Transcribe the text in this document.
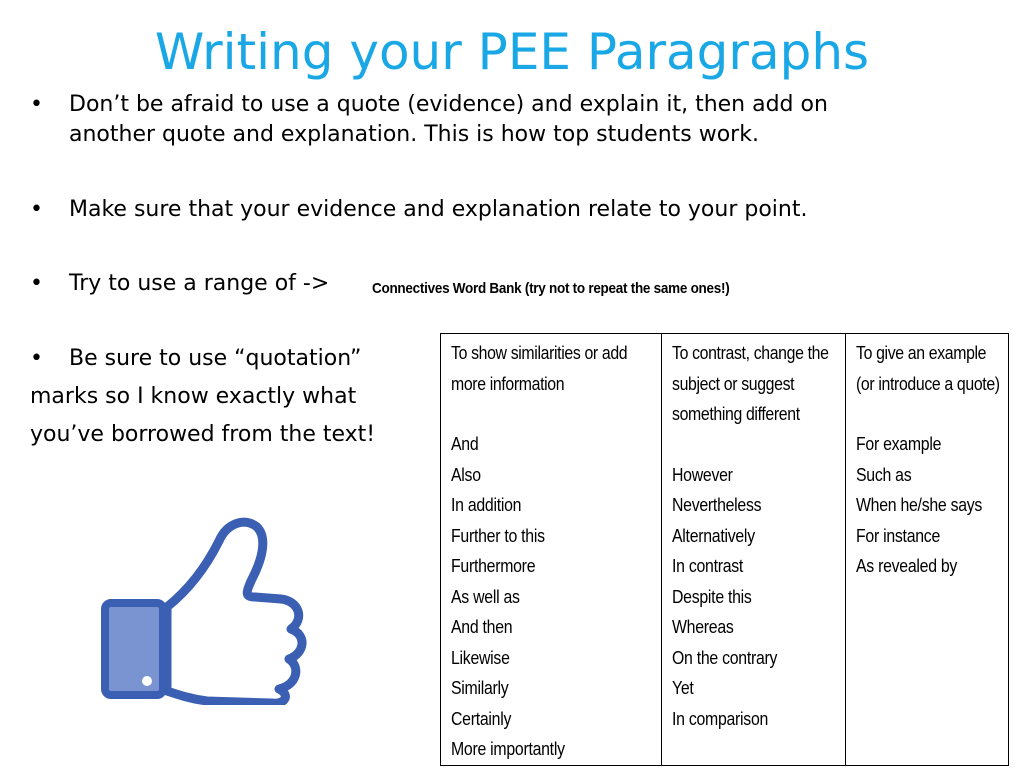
Writing your PEE Paragraphs
• Don’t be afraid to use a quote (evidence) and explain it, then add on
another quote and explanation. This is how top students work.
• Make sure that your evidence and explanation relate to your point.
• Try to use a range of ->	Connectives Word Bank (try not to repeat the same ones!)
• Be sure to use “quotation”
marks so I know exactly what
you’ve borrowed from the text!
To show similarities or add more information
And
Also
In addition
Further to this
Furthermore
As well as
And then
Likewise
Similarly
Certainly
More importantly

To contrast, change the subject or suggest something different
However
Nevertheless
Alternatively
In contrast
Despite this
Whereas
On the contrary
Yet
In comparison

To give an example (or introduce a quote)
For example
Such as
When he/she says
For instance
As revealed by
